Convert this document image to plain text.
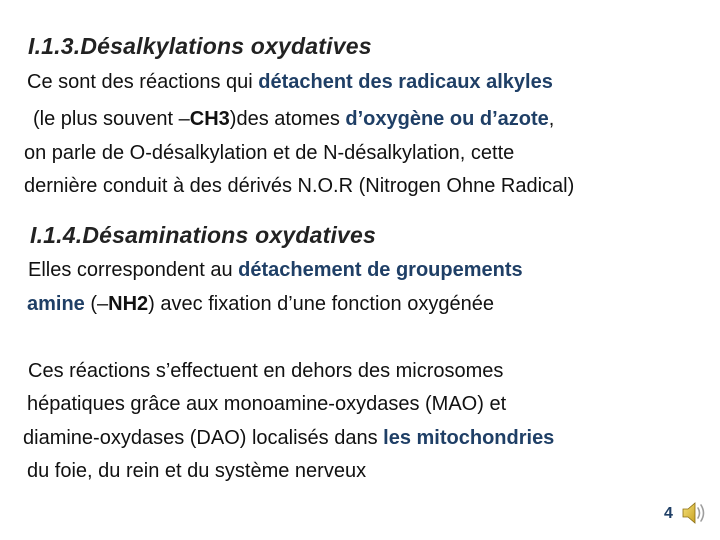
I.1.3.Désalkylations oxydatives
Ce sont des réactions qui détachent des radicaux alkyles
(le plus souvent –CH3)des atomes d’oxygène ou d’azote,
on parle de O-désalkylation et de N-désalkylation, cette
dernière conduit à des dérivés N.O.R (Nitrogen Ohne Radical)
I.1.4.Désaminations oxydatives
Elles correspondent au détachement de groupements
amine (–NH2) avec fixation d’une fonction oxygénée
Ces réactions s’effectuent en dehors des microsomes
hépatiques grâce aux monoamine-oxydases (MAO) et
diamine-oxydases (DAO) localisés dans les mitochondries
du foie, du rein et du système nerveux
4
